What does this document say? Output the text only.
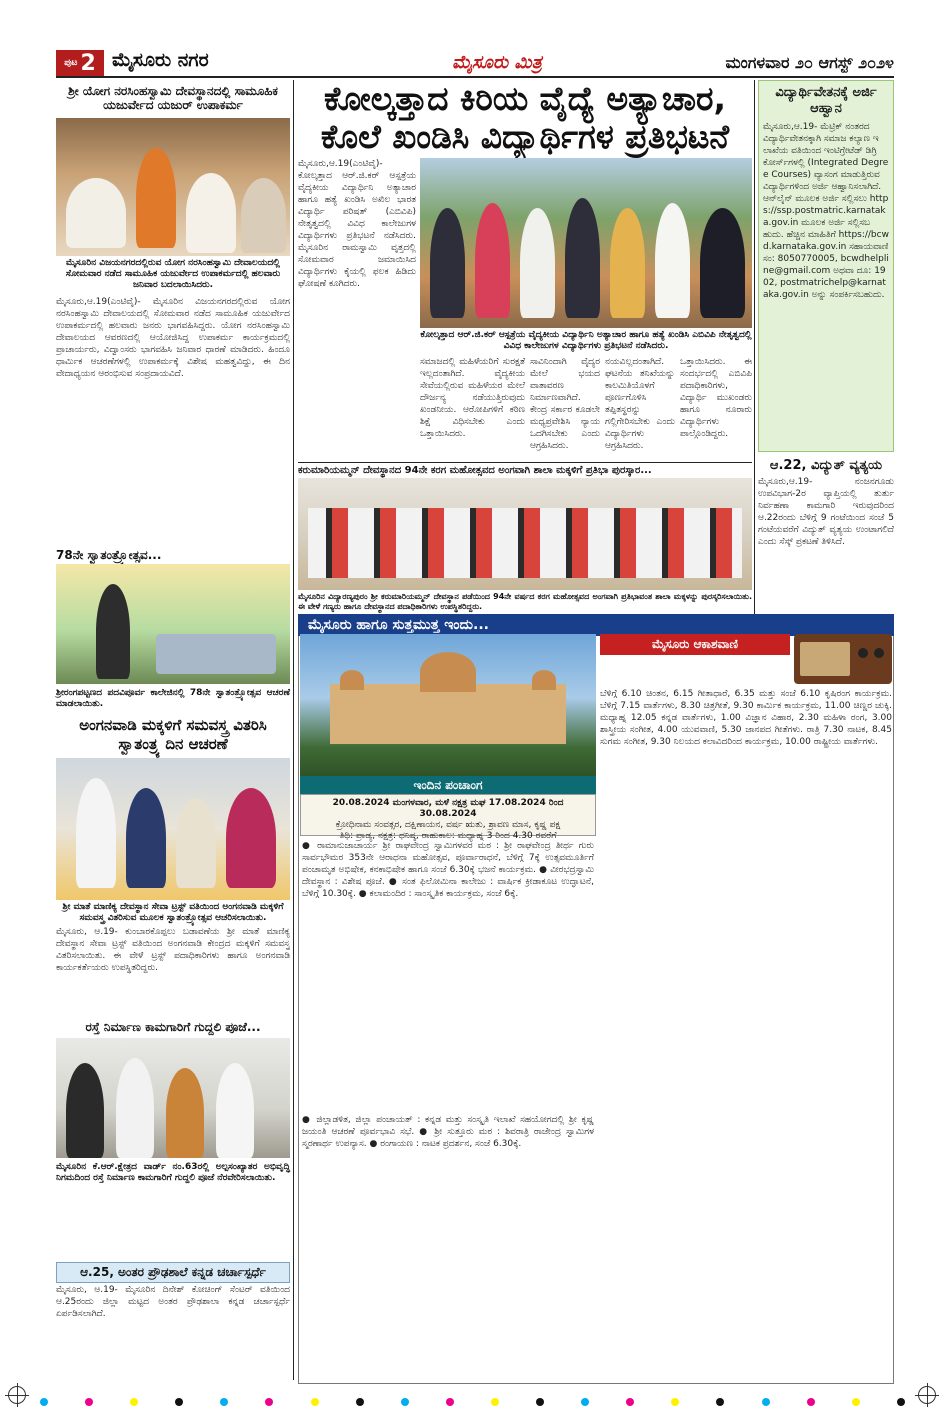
ಪುಟ 2 ಮೈಸೂರು ನಗರ	ಮೈಸೂರು ಮಿತ್ರ	ಮಂಗಳವಾರ ೨೦ ಆಗಸ್ಟ್ ೨೦೨೪
ಶ್ರೀ ಯೋಗ ನರಸಿಂಹಸ್ವಾಮಿ ದೇವಸ್ಥಾನದಲ್ಲಿ ಸಾಮೂಹಿಕ ಯಜುರ್ವೇದ ಯಜುರ್ ಉಪಾಕರ್ಮ
ಮೈಸೂರಿನ ವಿಜಯನಗರದಲ್ಲಿರುವ ಯೋಗ ನರಸಿಂಹಸ್ವಾಮಿ ದೇವಾಲಯದಲ್ಲಿ ಸೋಮವಾರ ನಡೆದ ಸಾಮೂಹಿಕ ಯಜುರ್ವೇದ ಉಪಾಕರ್ಮದಲ್ಲಿ ಹಲವಾರು ಜನಿವಾರ ಬದಲಾಯಿಸಿದರು.
ಮೈಸೂರು,ಆ.19(ಎಂಟಿವೈ)- ಮೈಸೂರಿನ ವಿಜಯನಗರದಲ್ಲಿರುವ ಯೋಗ ನರಸಿಂಹಸ್ವಾಮಿ ದೇವಾಲಯದಲ್ಲಿ ಸೋಮವಾರ ನಡೆದ ಸಾಮೂಹಿಕ ಯಜುರ್ವೇದ ಉಪಾಕರ್ಮದಲ್ಲಿ ಹಲವಾರು ಜನರು ಭಾಗವಹಿಸಿದ್ದರು. ಯೋಗ ನರಸಿಂಹಸ್ವಾಮಿ ದೇವಾಲಯದ ಆವರಣದಲ್ಲಿ ಆಯೋಜಿಸಿದ್ದ ಉಪಾಕರ್ಮ ಕಾರ್ಯಕ್ರಮದಲ್ಲಿ ಪ್ರಾಚಾರ್ಯರು, ವಿದ್ವಾಂಸರು ಭಾಗವಹಿಸಿ ಜನಿವಾರ ಧಾರಣೆ ಮಾಡಿದರು. ಹಿಂದೂ ಧಾರ್ಮಿಕ ಆಚರಣೆಗಳಲ್ಲಿ ಉಪಾಕರ್ಮಕ್ಕೆ ವಿಶೇಷ ಮಹತ್ವವಿದ್ದು, ಈ ದಿನ ವೇದಾಧ್ಯಯನ ಆರಂಭಿಸುವ ಸಂಪ್ರದಾಯವಿದೆ.
78ನೇ ಸ್ವಾತಂತ್ರ್ಯೋತ್ಸವ...
ಶ್ರೀರಂಗಪಟ್ಟಣದ ಪದವಿಪೂರ್ವ ಕಾಲೇಜಿನಲ್ಲಿ 78ನೇ ಸ್ವಾತಂತ್ರ್ಯೋತ್ಸವ ಆಚರಣೆ ಮಾಡಲಾಯಿತು.
ಅಂಗನವಾಡಿ ಮಕ್ಕಳಿಗೆ ಸಮವಸ್ತ್ರ ವಿತರಿಸಿ ಸ್ವಾತಂತ್ರ್ಯ ದಿನ ಆಚರಣೆ
ಶ್ರೀ ಮಾತೆ ಮಾಣಿಕ್ಯ ದೇವಸ್ಥಾನ ಸೇವಾ ಟ್ರಸ್ಟ್ ವತಿಯಿಂದ ಅಂಗನವಾಡಿ ಮಕ್ಕಳಿಗೆ ಸಮವಸ್ತ್ರ ವಿತರಿಸುವ ಮೂಲಕ ಸ್ವಾತಂತ್ರ್ಯೋತ್ಸವ ಆಚರಿಸಲಾಯಿತು.
ಮೈಸೂರು, ಆ.19- ಕುಂಬಾರಕೊಪ್ಪಲು ಬಡಾವಣೆಯ ಶ್ರೀ ಮಾತೆ ಮಾಣಿಕ್ಯ ದೇವಸ್ಥಾನ ಸೇವಾ ಟ್ರಸ್ಟ್ ವತಿಯಿಂದ ಅಂಗನವಾಡಿ ಕೇಂದ್ರದ ಮಕ್ಕಳಿಗೆ ಸಮವಸ್ತ್ರ ವಿತರಿಸಲಾಯಿತು. ಈ ವೇಳೆ ಟ್ರಸ್ಟ್ ಪದಾಧಿಕಾರಿಗಳು ಹಾಗೂ ಅಂಗನವಾಡಿ ಕಾರ್ಯಕರ್ತೆಯರು ಉಪಸ್ಥಿತರಿದ್ದರು.
ರಸ್ತೆ ನಿರ್ಮಾಣ ಕಾಮಗಾರಿಗೆ ಗುದ್ದಲಿ ಪೂಜೆ...
ಮೈಸೂರಿನ ಕೆ.ಆರ್.ಕ್ಷೇತ್ರದ ವಾರ್ಡ್ ನಂ.63ರಲ್ಲಿ ಅಲ್ಪಸಂಖ್ಯಾತರ ಅಭಿವೃದ್ಧಿ ನಿಗಮದಿಂದ ರಸ್ತೆ ನಿರ್ಮಾಣ ಕಾಮಗಾರಿಗೆ ಗುದ್ದಲಿ ಪೂಜೆ ನೆರವೇರಿಸಲಾಯಿತು.
ಆ.25, ಅಂತರ ಪ್ರೌಢಶಾಲೆ ಕನ್ನಡ ಚರ್ಚಾಸ್ಪರ್ಧೆ
ಮೈಸೂರು, ಆ.19- ಮೈಸೂರಿನ ದಿನೇಶ್ ಕೋಚಿಂಗ್ ಸೆಂಟರ್ ವತಿಯಿಂದ ಆ.25ರಂದು ಜಿಲ್ಲಾ ಮಟ್ಟದ ಅಂತರ ಪ್ರೌಢಶಾಲಾ ಕನ್ನಡ ಚರ್ಚಾಸ್ಪರ್ಧೆ ಏರ್ಪಡಿಸಲಾಗಿದೆ.
ಕೋಲ್ಕತ್ತಾದ ಕಿರಿಯ ವೈದ್ಯೆ ಅತ್ಯಾಚಾರ,
ಕೊಲೆ ಖಂಡಿಸಿ ವಿದ್ಯಾರ್ಥಿಗಳ ಪ್ರತಿಭಟನೆ
ಮೈಸೂರು,ಆ.19(ಎಂಟಿವೈ)- ಕೋಲ್ಕತ್ತಾದ ಆರ್.ಜಿ.ಕರ್ ಆಸ್ಪತ್ರೆಯ ವೈದ್ಯಕೀಯ ವಿದ್ಯಾರ್ಥಿನಿ ಅತ್ಯಾಚಾರ ಹಾಗೂ ಹತ್ಯೆ ಖಂಡಿಸಿ ಅಖಿಲ ಭಾರತ ವಿದ್ಯಾರ್ಥಿ ಪರಿಷತ್ (ಎಬಿವಿಪಿ) ನೇತೃತ್ವದಲ್ಲಿ ವಿವಿಧ ಕಾಲೇಜುಗಳ ವಿದ್ಯಾರ್ಥಿಗಳು ಪ್ರತಿಭಟನೆ ನಡೆಸಿದರು. ಮೈಸೂರಿನ ರಾಮಸ್ವಾಮಿ ವೃತ್ತದಲ್ಲಿ ಸೋಮವಾರ ಜಮಾಯಿಸಿದ ವಿದ್ಯಾರ್ಥಿಗಳು ಕೈಯಲ್ಲಿ ಫಲಕ ಹಿಡಿದು ಘೋಷಣೆ ಕೂಗಿದರು.
ಕೋಲ್ಕತ್ತಾದ ಆರ್.ಜಿ.ಕರ್ ಆಸ್ಪತ್ರೆಯ ವೈದ್ಯಕೀಯ ವಿದ್ಯಾರ್ಥಿನಿ ಅತ್ಯಾಚಾರ ಹಾಗೂ ಹತ್ಯೆ ಖಂಡಿಸಿ ಎಬಿವಿಪಿ ನೇತೃತ್ವದಲ್ಲಿ ವಿವಿಧ ಕಾಲೇಜುಗಳ ವಿದ್ಯಾರ್ಥಿಗಳು ಪ್ರತಿಭಟನೆ ನಡೆಸಿದರು.
ಸಮಾಜದಲ್ಲಿ ಮಹಿಳೆಯರಿಗೆ ಸುರಕ್ಷತೆ ಇಲ್ಲದಂತಾಗಿದೆ. ವೈದ್ಯಕೀಯ ಸೇವೆಯಲ್ಲಿರುವ ಮಹಿಳೆಯರ ಮೇಲೆ ದೌರ್ಜನ್ಯ ನಡೆಯುತ್ತಿರುವುದು ಖಂಡನೀಯ. ಆರೋಪಿಗಳಿಗೆ ಕಠಿಣ ಶಿಕ್ಷೆ ವಿಧಿಸಬೇಕು ಎಂದು ಒತ್ತಾಯಿಸಿದರು.
ಸಾವಿನಿಂದಾಗಿ ವೈದ್ಯರ ಮೇಲೆ ಭಯದ ವಾತಾವರಣ ನಿರ್ಮಾಣವಾಗಿದೆ. ಕೇಂದ್ರ ಸರ್ಕಾರ ಕೂಡಲೇ ಮಧ್ಯಪ್ರವೇಶಿಸಿ ನ್ಯಾಯ ಒದಗಿಸಬೇಕು ಎಂದು ಆಗ್ರಹಿಸಿದರು.
ನಯವಿಲ್ಲದಂತಾಗಿದೆ. ಘಟನೆಯ ತನಿಖೆಯನ್ನು ಕಾಲಮಿತಿಯೊಳಗೆ ಪೂರ್ಣಗೊಳಿಸಿ ತಪ್ಪಿತಸ್ಥರನ್ನು ಗಲ್ಲಿಗೇರಿಸಬೇಕು ಎಂದು ವಿದ್ಯಾರ್ಥಿಗಳು ಆಗ್ರಹಿಸಿದರು.
ಒತ್ತಾಯಿಸಿದರು. ಈ ಸಂದರ್ಭದಲ್ಲಿ ಎಬಿವಿಪಿ ಪದಾಧಿಕಾರಿಗಳು, ವಿದ್ಯಾರ್ಥಿ ಮುಖಂಡರು ಹಾಗೂ ನೂರಾರು ವಿದ್ಯಾರ್ಥಿಗಳು ಪಾಲ್ಗೊಂಡಿದ್ದರು.
ಕರುಮಾರಿಯಮ್ಮನ್ ದೇವಸ್ಥಾನದ 94ನೇ ಕರಗ ಮಹೋತ್ಸವದ ಅಂಗವಾಗಿ ಶಾಲಾ ಮಕ್ಕಳಿಗೆ ಪ್ರತಿಭಾ ಪುರಸ್ಕಾರ...
ಮೈಸೂರಿನ ವಿದ್ಯಾರಣ್ಯಪುರಂ ಶ್ರೀ ಕರುಮಾರಿಯಮ್ಮನ್ ದೇವಸ್ಥಾನ ಪಡೆಯಿಂದ 94ನೇ ವರ್ಷದ ಕರಗ ಮಹೋತ್ಸವದ ಅಂಗವಾಗಿ ಪ್ರತಿಭಾವಂತ ಶಾಲಾ ಮಕ್ಕಳನ್ನು ಪುರಸ್ಕರಿಸಲಾಯಿತು. ಈ ವೇಳೆ ಗಣ್ಯರು ಹಾಗೂ ದೇವಸ್ಥಾನದ ಪದಾಧಿಕಾರಿಗಳು ಉಪಸ್ಥಿತರಿದ್ದರು.
ವಿದ್ಯಾರ್ಥಿವೇತನಕ್ಕೆ ಅರ್ಜಿ ಆಹ್ವಾನ
ಮೈಸೂರು,ಆ.19- ಮೆಟ್ರಿಕ್ ನಂತರದ ವಿದ್ಯಾರ್ಥಿವೇತನಕ್ಕಾಗಿ ಸಮಾಜ ಕಲ್ಯಾಣ ಇಲಾಖೆಯ ವತಿಯಿಂದ ಇಂಟಿಗ್ರೇಟೆಡ್ ಡಿಗ್ರಿ ಕೋರ್ಸ್‌ಗಳಲ್ಲಿ (Integrated Degree Courses) ವ್ಯಾಸಂಗ ಮಾಡುತ್ತಿರುವ ವಿದ್ಯಾರ್ಥಿಗಳಿಂದ ಅರ್ಜಿ ಆಹ್ವಾನಿಸಲಾಗಿದೆ. ಆನ್‌ಲೈನ್ ಮೂಲಕ ಅರ್ಜಿ ಸಲ್ಲಿಸಲು https://ssp.postmatric.karnataka.gov.in ಮೂಲಕ ಅರ್ಜಿ ಸಲ್ಲಿಸಬಹುದು. ಹೆಚ್ಚಿನ ಮಾಹಿತಿಗೆ https://bcwd.karnataka.gov.in ಸಹಾಯವಾಣಿ ಸಂ: 8050770005, bcwdhelpline@gmail.com ಅಥವಾ ದೂ: 1902, postmatrichelp@karnataka.gov.in ಅನ್ನು ಸಂಪರ್ಕಿಸಬಹುದು.
ಆ.22, ವಿದ್ಯುತ್ ವ್ಯತ್ಯಯ
ಮೈಸೂರು,ಆ.19- ನಂಜನಗೂಡು ಉಪವಿಭಾಗ-2ರ ವ್ಯಾಪ್ತಿಯಲ್ಲಿ ತುರ್ತು ನಿರ್ವಹಣಾ ಕಾಮಗಾರಿ ಇರುವುದರಿಂದ ಆ.22ರಂದು ಬೆಳಿಗ್ಗೆ 9 ಗಂಟೆಯಿಂದ ಸಂಜೆ 5 ಗಂಟೆಯವರೆಗೆ ವಿದ್ಯುತ್ ವ್ಯತ್ಯಯ ಉಂಟಾಗಲಿದೆ ಎಂದು ಸೆಸ್ಕ್ ಪ್ರಕಟಣೆ ತಿಳಿಸಿದೆ.
ಮೈಸೂರು ಹಾಗೂ ಸುತ್ತಮುತ್ತ ಇಂದು...
ಇಂದಿನ ಪಂಚಾಂಗ
20.08.2024 ಮಂಗಳವಾರ, ಮಳೆ ನಕ್ಷತ್ರ ಮಘ 17.08.2024 ರಿಂದ 30.08.2024
ಕ್ರೋಧಿನಾಮ ಸಂವತ್ಸರ, ದಕ್ಷಿಣಾಯನ, ವರ್ಷ ಋತು, ಶ್ರಾವಣ ಮಾಸ, ಕೃಷ್ಣ ಪಕ್ಷ
ತಿಥಿ: ಪ್ರಾಡ್ಯ, ನಕ್ಷತ್ರ: ಧನಿಷ್ಠ, ರಾಹುಕಾಲ: ಮಧ್ಯಾಹ್ನ 3 ರಿಂದ 4.30 ರವರೆಗೆ
● ರಾಮಾನುಜಾಚಾರ್ಯ ಶ್ರೀ ರಾಘವೇಂದ್ರ ಸ್ವಾಮಿಗಳವರ ಮಠ : ಶ್ರೀ ರಾಘವೇಂದ್ರ ತೀರ್ಥ ಗುರು ಸಾರ್ವಭೌಮರ 353ನೇ ಆರಾಧನಾ ಮಹೋತ್ಸವ, ಪೂರ್ವಾರಾಧನೆ, ಬೆಳಿಗ್ಗೆ 7ಕ್ಕೆ ಉತ್ಸವಮೂರ್ತಿಗೆ ಪಂಚಾಮೃತ ಅಭಿಷೇಕ, ಕನಕಾಭಿಷೇಕ ಹಾಗೂ ಸಂಜೆ 6.30ಕ್ಕೆ ಭಜನೆ ಕಾರ್ಯಕ್ರಮ. ● ವೀರಭದ್ರಸ್ವಾಮಿ ದೇವಸ್ಥಾನ : ವಿಶೇಷ ಪೂಜೆ. ● ಸಂತ ಫಿಲೋಮಿನಾ ಕಾಲೇಜು : ವಾರ್ಷಿಕ ಕ್ರೀಡಾಕೂಟ ಉದ್ಘಾಟನೆ, ಬೆಳಿಗ್ಗೆ 10.30ಕ್ಕೆ. ● ಕಲಾಮಂದಿರ : ಸಾಂಸ್ಕೃತಿಕ ಕಾರ್ಯಕ್ರಮ, ಸಂಜೆ 6ಕ್ಕೆ.
● ಜಿಲ್ಲಾಡಳಿತ, ಜಿಲ್ಲಾ ಪಂಚಾಯತ್ : ಕನ್ನಡ ಮತ್ತು ಸಂಸ್ಕೃತಿ ಇಲಾಖೆ ಸಹಯೋಗದಲ್ಲಿ ಶ್ರೀ ಕೃಷ್ಣ ಜಯಂತಿ ಆಚರಣೆ ಪೂರ್ವಭಾವಿ ಸಭೆ. ● ಶ್ರೀ ಸುತ್ತೂರು ಮಠ : ಶಿವರಾತ್ರಿ ರಾಜೇಂದ್ರ ಸ್ವಾಮಿಗಳ ಸ್ಮರಣಾರ್ಥ ಉಪನ್ಯಾಸ. ● ರಂಗಾಯಣ : ನಾಟಕ ಪ್ರದರ್ಶನ, ಸಂಜೆ 6.30ಕ್ಕೆ.
ಮೈಸೂರು ಆಕಾಶವಾಣಿ
ಬೆಳಿಗ್ಗೆ 6.10 ಚಿಂತನ, 6.15 ಗೀತಾಧಾರೆ, 6.35 ಮತ್ತು ಸಂಜೆ 6.10 ಕೃಷಿರಂಗ ಕಾರ್ಯಕ್ರಮ. ಬೆಳಿಗ್ಗೆ 7.15 ವಾರ್ತೆಗಳು, 8.30 ಚಿತ್ರಗೀತೆ, 9.30 ಕಾರ್ಮಿಕ ಕಾರ್ಯಕ್ರಮ, 11.00 ಚಿಣ್ಣರ ಚುಕ್ಕಿ. ಮಧ್ಯಾಹ್ನ 12.05 ಕನ್ನಡ ವಾರ್ತೆಗಳು, 1.00 ವಿಜ್ಞಾನ ವಿಹಾರ, 2.30 ಮಹಿಳಾ ರಂಗ, 3.00 ಶಾಸ್ತ್ರೀಯ ಸಂಗೀತ, 4.00 ಯುವವಾಣಿ, 5.30 ಜಾನಪದ ಗೀತೆಗಳು. ರಾತ್ರಿ 7.30 ನಾಟಕ, 8.45 ಸುಗಮ ಸಂಗೀತ, 9.30 ನಿಲಯದ ಕಲಾವಿದರಿಂದ ಕಾರ್ಯಕ್ರಮ, 10.00 ರಾಷ್ಟ್ರೀಯ ವಾರ್ತೆಗಳು.
